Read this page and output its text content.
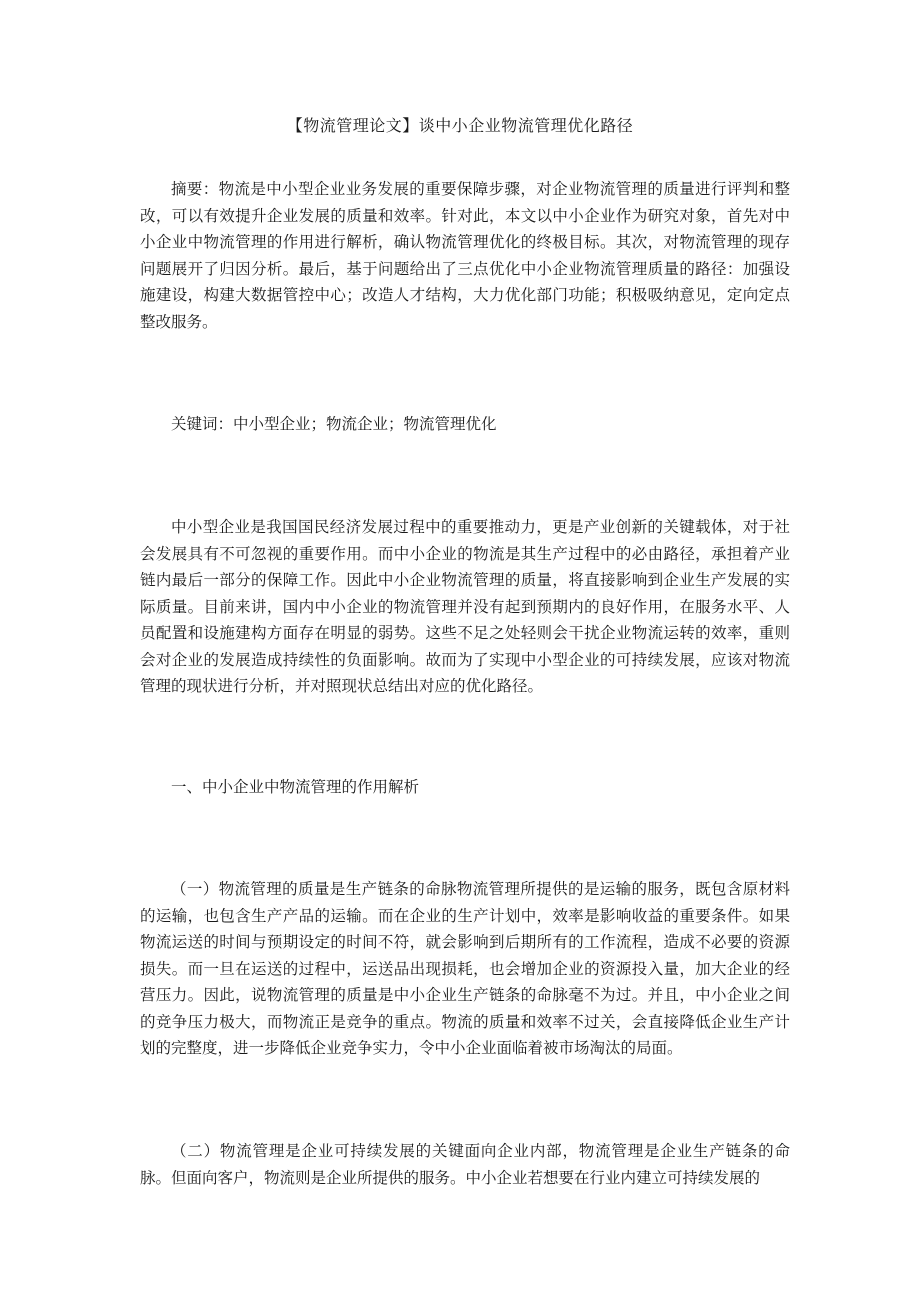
【物流管理论文】谈中小企业物流管理优化路径

摘要：物流是中小型企业业务发展的重要保障步骤，对企业物流管理的质量进行评判和整改，可以有效提升企业发展的质量和效率。针对此，本文以中小企业作为研究对象，首先对中小企业中物流管理的作用进行解析，确认物流管理优化的终极目标。其次，对物流管理的现存问题展开了归因分析。最后，基于问题给出了三点优化中小企业物流管理质量的路径：加强设施建设，构建大数据管控中心；改造人才结构，大力优化部门功能；积极吸纳意见，定向定点整改服务。

关键词：中小型企业；物流企业；物流管理优化

中小型企业是我国国民经济发展过程中的重要推动力，更是产业创新的关键载体，对于社会发展具有不可忽视的重要作用。而中小企业的物流是其生产过程中的必由路径，承担着产业链内最后一部分的保障工作。因此中小企业物流管理的质量，将直接影响到企业生产发展的实际质量。目前来讲，国内中小企业的物流管理并没有起到预期内的良好作用，在服务水平、人员配置和设施建构方面存在明显的弱势。这些不足之处轻则会干扰企业物流运转的效率，重则会对企业的发展造成持续性的负面影响。故而为了实现中小型企业的可持续发展，应该对物流管理的现状进行分析，并对照现状总结出对应的优化路径。

一、中小企业中物流管理的作用解析

（一）物流管理的质量是生产链条的命脉物流管理所提供的是运输的服务，既包含原材料的运输，也包含生产产品的运输。而在企业的生产计划中，效率是影响收益的重要条件。如果物流运送的时间与预期设定的时间不符，就会影响到后期所有的工作流程，造成不必要的资源损失。而一旦在运送的过程中，运送品出现损耗，也会增加企业的资源投入量，加大企业的经营压力。因此，说物流管理的质量是中小企业生产链条的命脉毫不为过。并且，中小企业之间的竞争压力极大，而物流正是竞争的重点。物流的质量和效率不过关，会直接降低企业生产计划的完整度，进一步降低企业竞争实力，令中小企业面临着被市场淘汰的局面。

（二）物流管理是企业可持续发展的关键面向企业内部，物流管理是企业生产链条的命脉。但面向客户，物流则是企业所提供的服务。中小企业若想要在行业内建立可持续发展的
